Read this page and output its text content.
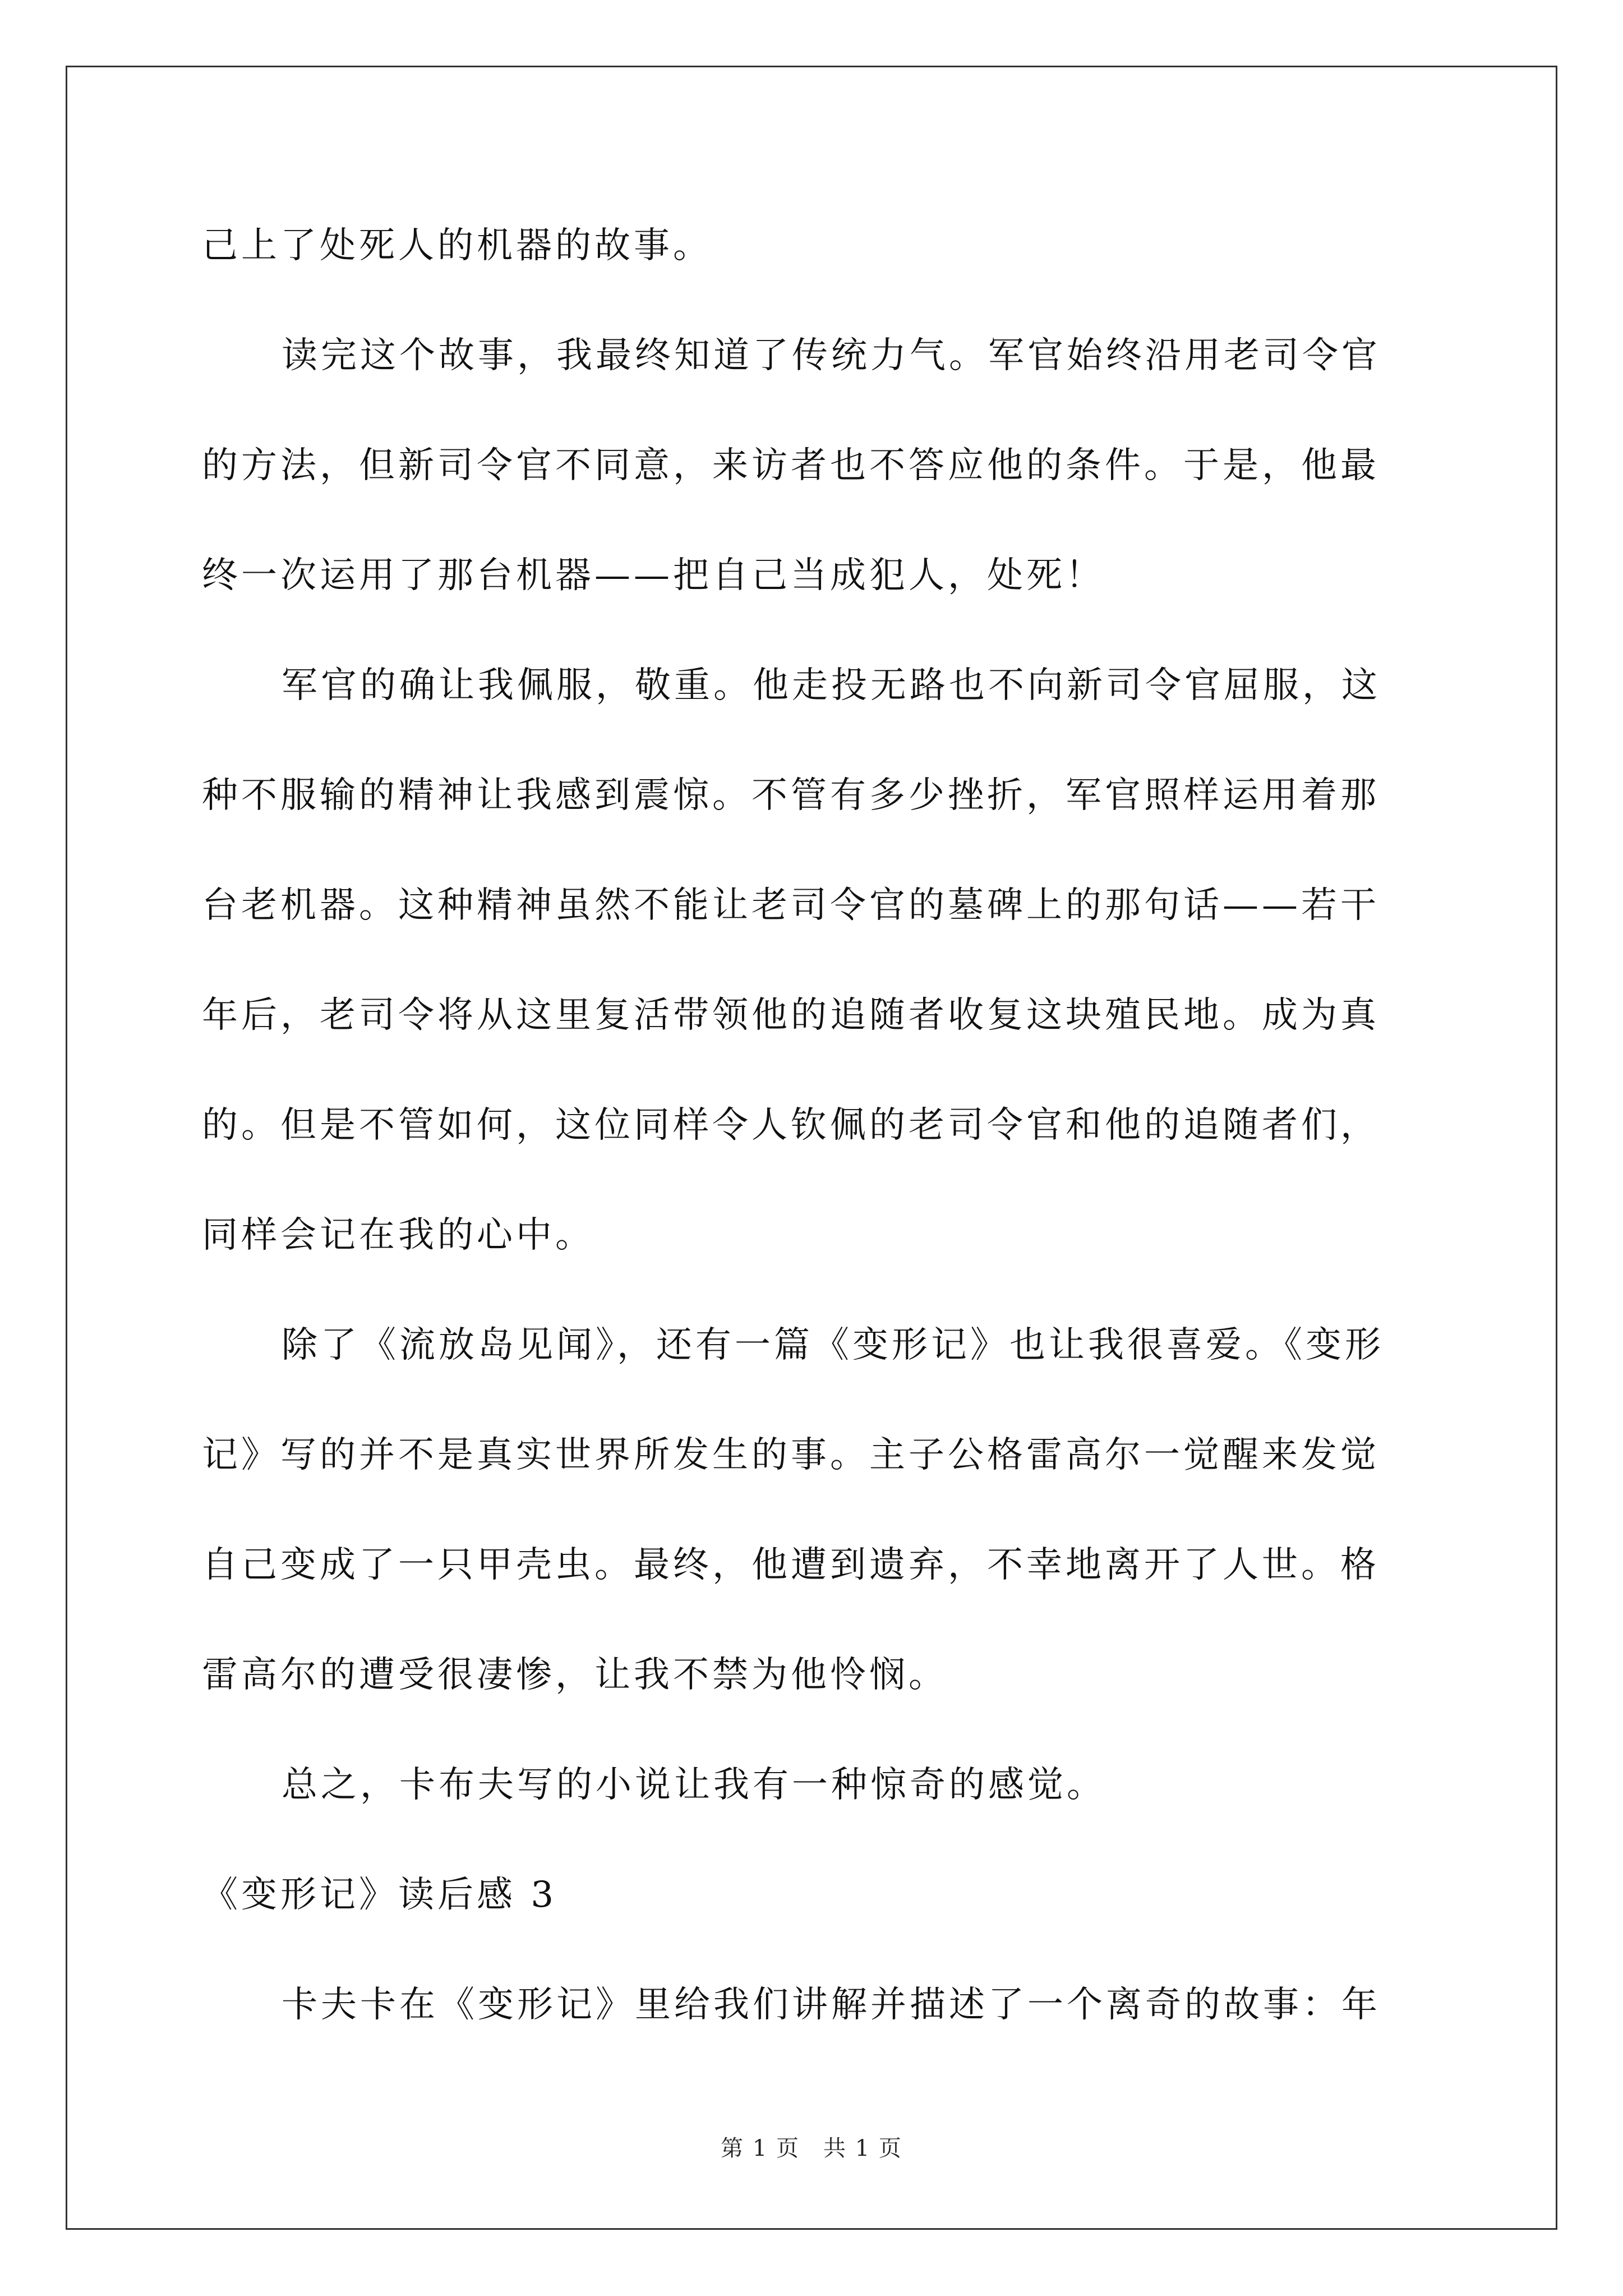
己上了处死人的机器的故事。
读完这个故事，我最终知道了传统力气。军官始终沿用老司令官
的方法，但新司令官不同意，来访者也不答应他的条件。于是，他最
终一次运用了那台机器——把自己当成犯人，处死！
军官的确让我佩服，敬重。他走投无路也不向新司令官屈服，这
种不服输的精神让我感到震惊。不管有多少挫折，军官照样运用着那
台老机器。这种精神虽然不能让老司令官的墓碑上的那句话——若干
年后，老司令将从这里复活带领他的追随者收复这块殖民地。成为真
的。但是不管如何，这位同样令人钦佩的老司令官和他的追随者们，
同样会记在我的心中。
除了《流放岛见闻》，还有一篇《变形记》也让我很喜爱。《变形
记》写的并不是真实世界所发生的事。主子公格雷高尔一觉醒来发觉
自己变成了一只甲壳虫。最终，他遭到遗弃，不幸地离开了人世。格
雷高尔的遭受很凄惨，让我不禁为他怜悯。
总之，卡布夫写的小说让我有一种惊奇的感觉。
《变形记》读后感 3
卡夫卡在《变形记》里给我们讲解并描述了一个离奇的故事：年
第 1 页　共 1 页
